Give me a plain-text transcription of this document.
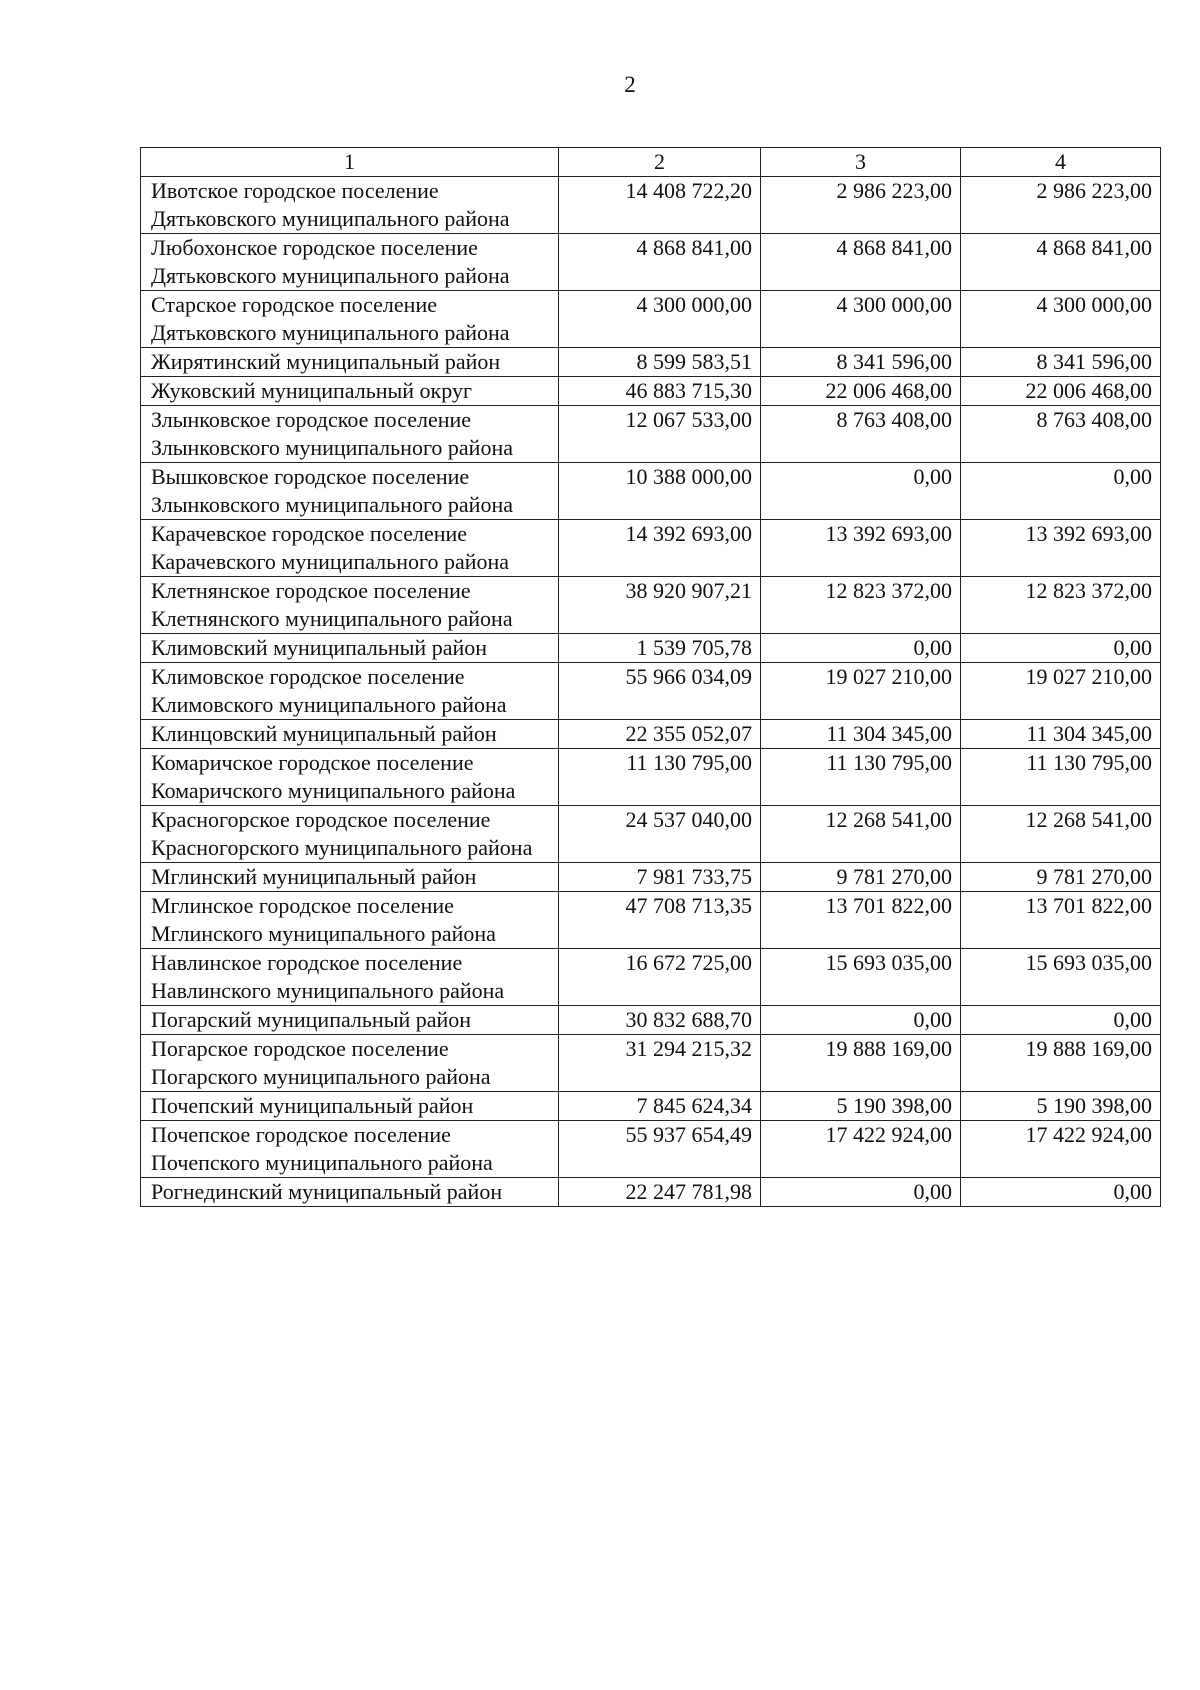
2
1	2	3	4
Ивотское городское поселение Дятьковского муниципального района	14 408 722,20	2 986 223,00	2 986 223,00
Любохонское городское поселение Дятьковского муниципального района	4 868 841,00	4 868 841,00	4 868 841,00
Старское городское поселение Дятьковского муниципального района	4 300 000,00	4 300 000,00	4 300 000,00
Жирятинский муниципальный район	8 599 583,51	8 341 596,00	8 341 596,00
Жуковский муниципальный округ	46 883 715,30	22 006 468,00	22 006 468,00
Злынковское городское поселение Злынковского муниципального района	12 067 533,00	8 763 408,00	8 763 408,00
Вышковское городское поселение Злынковского муниципального района	10 388 000,00	0,00	0,00
Карачевское городское поселение Карачевского муниципального района	14 392 693,00	13 392 693,00	13 392 693,00
Клетнянское городское поселение Клетнянского муниципального района	38 920 907,21	12 823 372,00	12 823 372,00
Климовский муниципальный район	1 539 705,78	0,00	0,00
Климовское городское поселение Климовского муниципального района	55 966 034,09	19 027 210,00	19 027 210,00
Клинцовский муниципальный район	22 355 052,07	11 304 345,00	11 304 345,00
Комаричское городское поселение Комаричского муниципального района	11 130 795,00	11 130 795,00	11 130 795,00
Красногорское городское поселение Красногорского муниципального района	24 537 040,00	12 268 541,00	12 268 541,00
Мглинский муниципальный район	7 981 733,75	9 781 270,00	9 781 270,00
Мглинское городское поселение Мглинского муниципального района	47 708 713,35	13 701 822,00	13 701 822,00
Навлинское городское поселение Навлинского муниципального района	16 672 725,00	15 693 035,00	15 693 035,00
Погарский муниципальный район	30 832 688,70	0,00	0,00
Погарское городское поселение Погарского муниципального района	31 294 215,32	19 888 169,00	19 888 169,00
Почепский муниципальный район	7 845 624,34	5 190 398,00	5 190 398,00
Почепское городское поселение Почепского муниципального района	55 937 654,49	17 422 924,00	17 422 924,00
Рогнединский муниципальный район	22 247 781,98	0,00	0,00
